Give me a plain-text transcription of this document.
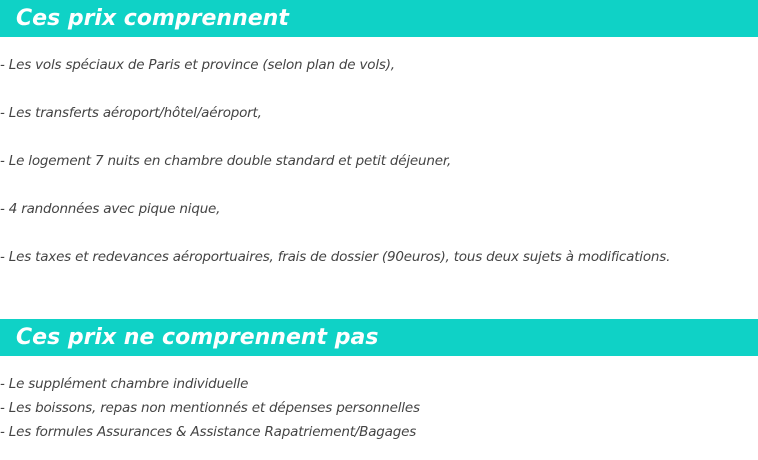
Ces prix comprennent
- Les vols spéciaux de Paris et province (selon plan de vols),
- Les transferts aéroport/hôtel/aéroport,
- Le logement 7 nuits en chambre double standard et petit déjeuner,
- 4 randonnées avec pique nique,
- Les taxes et redevances aéroportuaires, frais de dossier (90euros), tous deux sujets à modifications.
Ces prix ne comprennent pas
- Le supplément chambre individuelle
- Les boissons, repas non mentionnés et dépenses personnelles
- Les formules Assurances & Assistance Rapatriement/Bagages
